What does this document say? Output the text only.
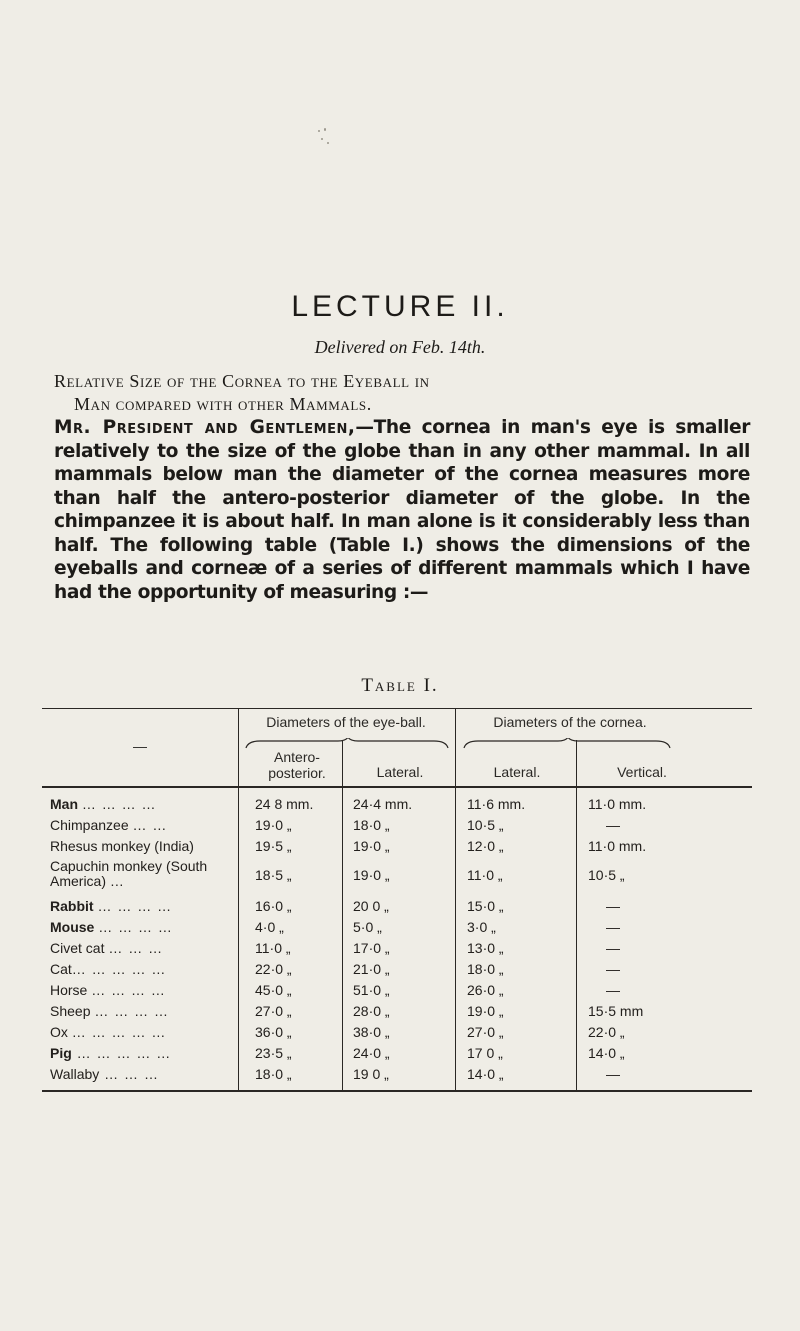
LECTURE II.
Delivered on Feb. 14th.
Relative Size of the Cornea to the Eyeball in
Man compared with other Mammals.
Mr. President and Gentlemen,—The cornea in man's eye is smaller relatively to the size of the globe than in any other mammal. In all mammals below man the diameter of the cornea measures more than half the antero-posterior diameter of the globe. In the chimpanzee it is about half. In man alone is it considerably less than half. The following table (Table I.) shows the dimensions of the eyeballs and corneæ of a series of different mammals which I have had the opportunity of measuring :—
Table I.
—
Diameters of the eye-ball.	Diameters of the cornea.
Antero-posterior.	Lateral.	Lateral.	Vertical.
Man … … … …	24 8 mm.	24·4 mm.	11·6 mm.	11·0 mm.
Chimpanzee … …	19·0 „	18·0 „	10·5 „	—
Rhesus monkey (India)	19·5 „	19·0 „	12·0 „	11·0 mm.
Capuchin monkey (South America) …	18·5 „	19·0 „	11·0 „	10·5 „
Rabbit … … … …	16·0 „	20 0 „	15·0 „	—
Mouse … … … …	4·0 „	5·0 „	3·0 „	—
Civet cat … … …	11·0 „	17·0 „	13·0 „	—
Cat… … … … …	22·0 „	21·0 „	18·0 „	—
Horse … … … …	45·0 „	51·0 „	26·0 „	—
Sheep … … … …	27·0 „	28·0 „	19·0 „	15·5 mm
Ox … … … … …	36·0 „	38·0 „	27·0 „	22·0 „
Pig … … … … …	23·5 „	24·0 „	17 0 „	14·0 „
Wallaby … … …	18·0 „	19 0 „	14·0 „	—
